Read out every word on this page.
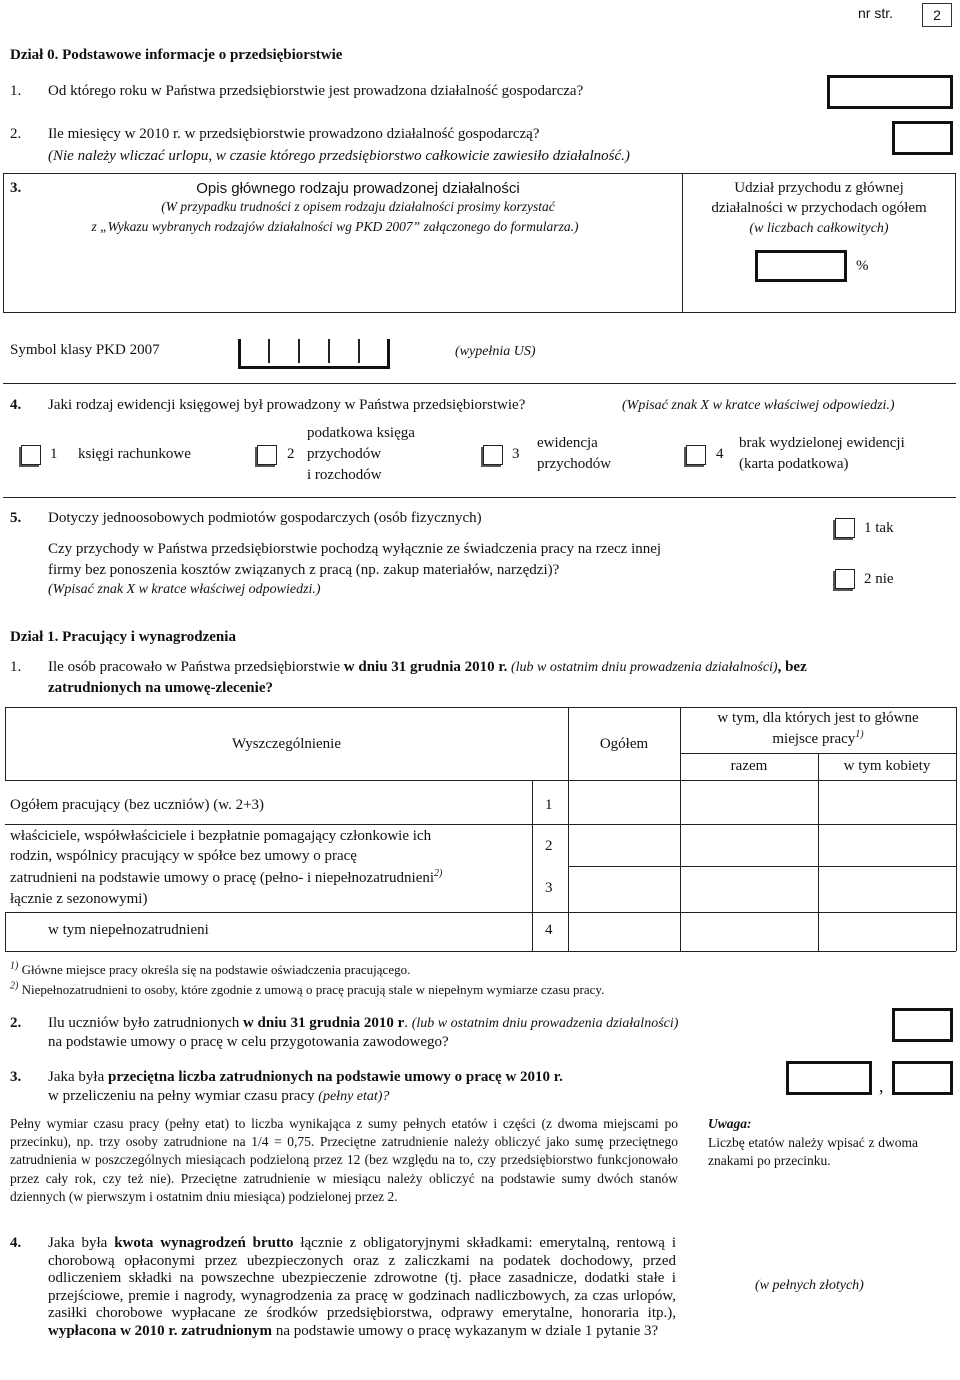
nr str.	2
Dział 0. Podstawowe informacje o przedsiębiorstwie
1. Od którego roku w Państwa przedsiębiorstwie jest prowadzona działalność gospodarcza?
2. Ile miesięcy w 2010 r. w przedsiębiorstwie prowadzono działalność gospodarczą?
(Nie należy wliczać urlopu, w czasie którego przedsiębiorstwo całkowicie zawiesiło działalność.)
3.	Opis głównego rodzaju prowadzonej działalności
(W przypadku trudności z opisem rodzaju działalności prosimy korzystać
z „Wykazu wybranych rodzajów działalności wg PKD 2007” załączonego do formularza.)
Udział przychodu z głównej
działalności w przychodach ogółem
(w liczbach całkowitych)
%
Symbol klasy PKD 2007	(wypełnia US)
4. Jaki rodzaj ewidencji księgowej był prowadzony w Państwa przedsiębiorstwie?	(Wpisać znak X w kratce właściwej odpowiedzi.)
1 księgi rachunkowe	2
podatkowa księga
przychodów
i rozchodów
3
ewidencja
przychodów
4
brak wydzielonej ewidencji
(karta podatkowa)
5. Dotyczy jednoosobowych podmiotów gospodarczych (osób fizycznych)
Czy przychody w Państwa przedsiębiorstwie pochodzą wyłącznie ze świadczenia pracy na rzecz innej
firmy bez ponoszenia kosztów związanych z pracą (np. zakup materiałów, narzędzi)?
(Wpisać znak X w kratce właściwej odpowiedzi.)
1 tak
2 nie
Dział 1. Pracujący i wynagrodzenia
1. Ile osób pracowało w Państwa przedsiębiorstwie w dniu 31 grudnia 2010 r. (lub w ostatnim dniu prowadzenia działalności), bez
zatrudnionych na umowę-zlecenie?
Wyszczególnienie	Ogółem
w tym, dla których jest to główne
miejsce pracy$^{1)}$
razem	w tym kobiety
Ogółem pracujący (bez uczniów) (w. 2+3)	1
właściciele, współwłaściciele i bezpłatnie pomagający członkowie ich
rodzin, wspólnicy pracujący w spółce bez umowy o pracę
2
zatrudnieni na podstawie umowy o pracę (pełno- i niepełnozatrudnieni$^{2)}$
łącznie z sezonowymi)
3
w tym niepełnozatrudnieni	4
$^{1)}$ Główne miejsce pracy określa się na podstawie oświadczenia pracującego.
$^{2)}$ Niepełnozatrudnieni to osoby, które zgodnie z umową o pracę pracują stale w niepełnym wymiarze czasu pracy.
2. Ilu uczniów było zatrudnionych w dniu 31 grudnia 2010 r. (lub w ostatnim dniu prowadzenia działalności)
na podstawie umowy o pracę w celu przygotowania zawodowego?
3. Jaka była przeciętna liczba zatrudnionych na podstawie umowy o pracę w 2010 r.
w przeliczeniu na pełny wymiar czasu pracy (pełny etat)?
,
Pełny wymiar czasu pracy (pełny etat) to liczba wynikająca z sumy pełnych etatów i części (z dwoma miejscami po przecinku), np. trzy osoby zatrudnione na 1/4 = 0,75. Przeciętne zatrudnienie należy obliczyć jako sumę przeciętnego zatrudnienia w poszczególnych miesiącach podzieloną przez 12 (bez względu na to, czy przedsiębiorstwo funkcjonowało przez cały rok, czy też nie). Przeciętne zatrudnienie w miesiącu należy obliczyć na podstawie sumy dwóch stanów dziennych (w pierwszym i ostatnim dniu miesiąca) podzielonej przez 2.
Uwaga:
Liczbę etatów należy wpisać z dwoma znakami po przecinku.
4. Jaka była kwota wynagrodzeń brutto łącznie z obligatoryjnymi składkami: emerytalną, rentową i chorobową opłaconymi przez ubezpieczonych oraz z zaliczkami na podatek dochodowy, przed odliczeniem składki na powszechne ubezpieczenie zdrowotne (tj. płace zasadnicze, dodatki stałe i przejściowe, premie i nagrody, wynagrodzenia za pracę w godzinach nadliczbowych, za czas urlopów, zasiłki chorobowe wypłacane ze środków przedsiębiorstwa, odprawy emerytalne, honoraria itp.), wypłacona w 2010 r. zatrudnionym na podstawie umowy o pracę wykazanym w dziale 1 pytanie 3?
(w pełnych złotych)
